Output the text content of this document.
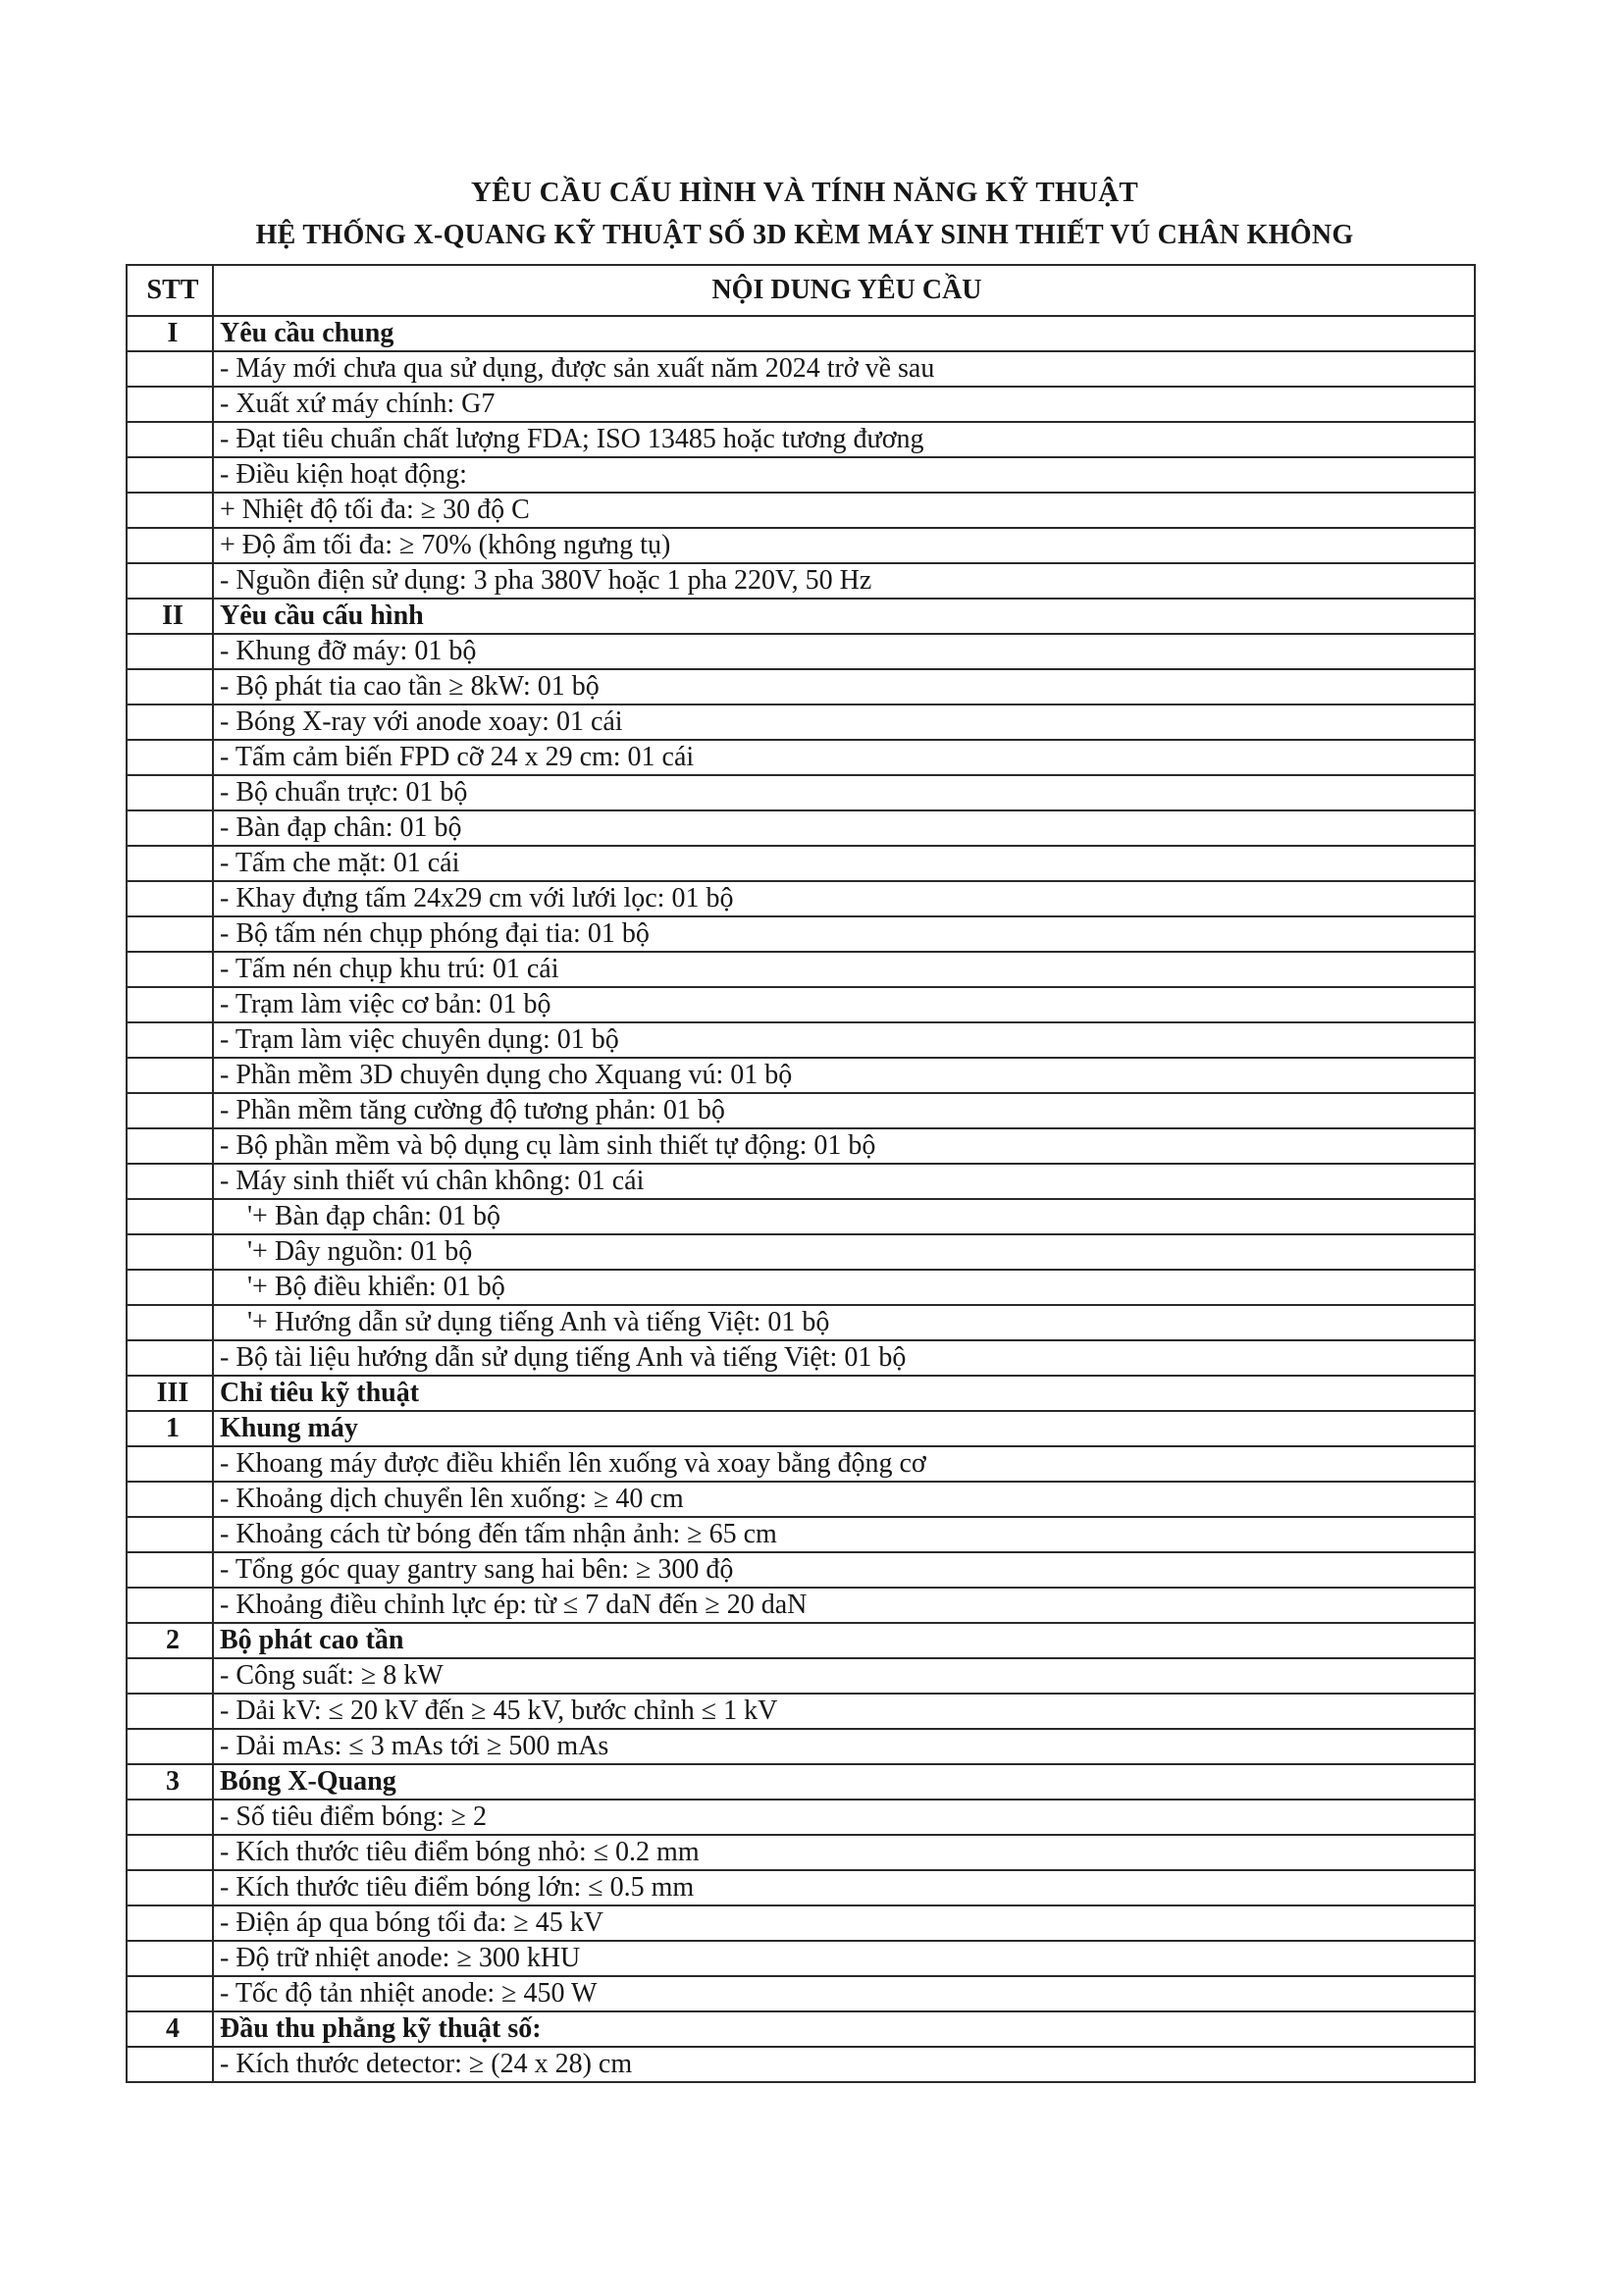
YÊU CẦU CẤU HÌNH VÀ TÍNH NĂNG KỸ THUẬT
HỆ THỐNG X-QUANG KỸ THUẬT SỐ 3D KÈM MÁY SINH THIẾT VÚ CHÂN KHÔNG
STT	NỘI DUNG YÊU CẦU
I	Yêu cầu chung
	- Máy mới chưa qua sử dụng, được sản xuất năm 2024 trở về sau
	- Xuất xứ máy chính: G7
	- Đạt tiêu chuẩn chất lượng FDA; ISO 13485 hoặc tương đương
	- Điều kiện hoạt động:
	+ Nhiệt độ tối đa: ≥ 30 độ C
	+ Độ ẩm tối đa: ≥ 70% (không ngưng tụ)
	- Nguồn điện sử dụng: 3 pha 380V hoặc 1 pha 220V, 50 Hz
II	Yêu cầu cấu hình
	- Khung đỡ máy: 01 bộ
	- Bộ phát tia cao tần ≥ 8kW: 01 bộ
	- Bóng X-ray với anode xoay: 01 cái
	- Tấm cảm biến FPD cỡ 24 x 29 cm: 01 cái
	- Bộ chuẩn trực: 01 bộ
	- Bàn đạp chân: 01 bộ
	- Tấm che mặt: 01 cái
	- Khay đựng tấm 24x29 cm với lưới lọc: 01 bộ
	- Bộ tấm nén chụp phóng đại tia: 01 bộ
	- Tấm nén chụp khu trú: 01 cái
	- Trạm làm việc cơ bản: 01 bộ
	- Trạm làm việc chuyên dụng: 01 bộ
	- Phần mềm 3D chuyên dụng cho Xquang vú: 01 bộ
	- Phần mềm tăng cường độ tương phản: 01 bộ
	- Bộ phần mềm và bộ dụng cụ làm sinh thiết tự động: 01 bộ
	- Máy sinh thiết vú chân không: 01 cái
	'+ Bàn đạp chân: 01 bộ
	'+ Dây nguồn: 01 bộ
	'+ Bộ điều khiển: 01 bộ
	'+ Hướng dẫn sử dụng tiếng Anh và tiếng Việt: 01 bộ
	- Bộ tài liệu hướng dẫn sử dụng tiếng Anh và tiếng Việt: 01 bộ
III	Chỉ tiêu kỹ thuật
1	Khung máy
	- Khoang máy được điều khiển lên xuống và xoay bằng động cơ
	- Khoảng dịch chuyển lên xuống: ≥ 40 cm
	- Khoảng cách từ bóng đến tấm nhận ảnh: ≥ 65 cm
	- Tổng góc quay gantry sang hai bên: ≥ 300 độ
	- Khoảng điều chỉnh lực ép: từ ≤ 7 daN đến ≥ 20 daN
2	Bộ phát cao tần
	- Công suất: ≥ 8 kW
	- Dải kV: ≤ 20 kV đến ≥ 45 kV, bước chỉnh ≤ 1 kV
	- Dải mAs: ≤ 3 mAs tới ≥ 500 mAs
3	Bóng X-Quang
	- Số tiêu điểm bóng: ≥ 2
	- Kích thước tiêu điểm bóng nhỏ: ≤ 0.2 mm
	- Kích thước tiêu điểm bóng lớn: ≤ 0.5 mm
	- Điện áp qua bóng tối đa: ≥ 45 kV
	- Độ trữ nhiệt anode: ≥ 300 kHU
	- Tốc độ tản nhiệt anode: ≥ 450 W
4	Đầu thu phẳng kỹ thuật số:
	- Kích thước detector: ≥ (24 x 28) cm
